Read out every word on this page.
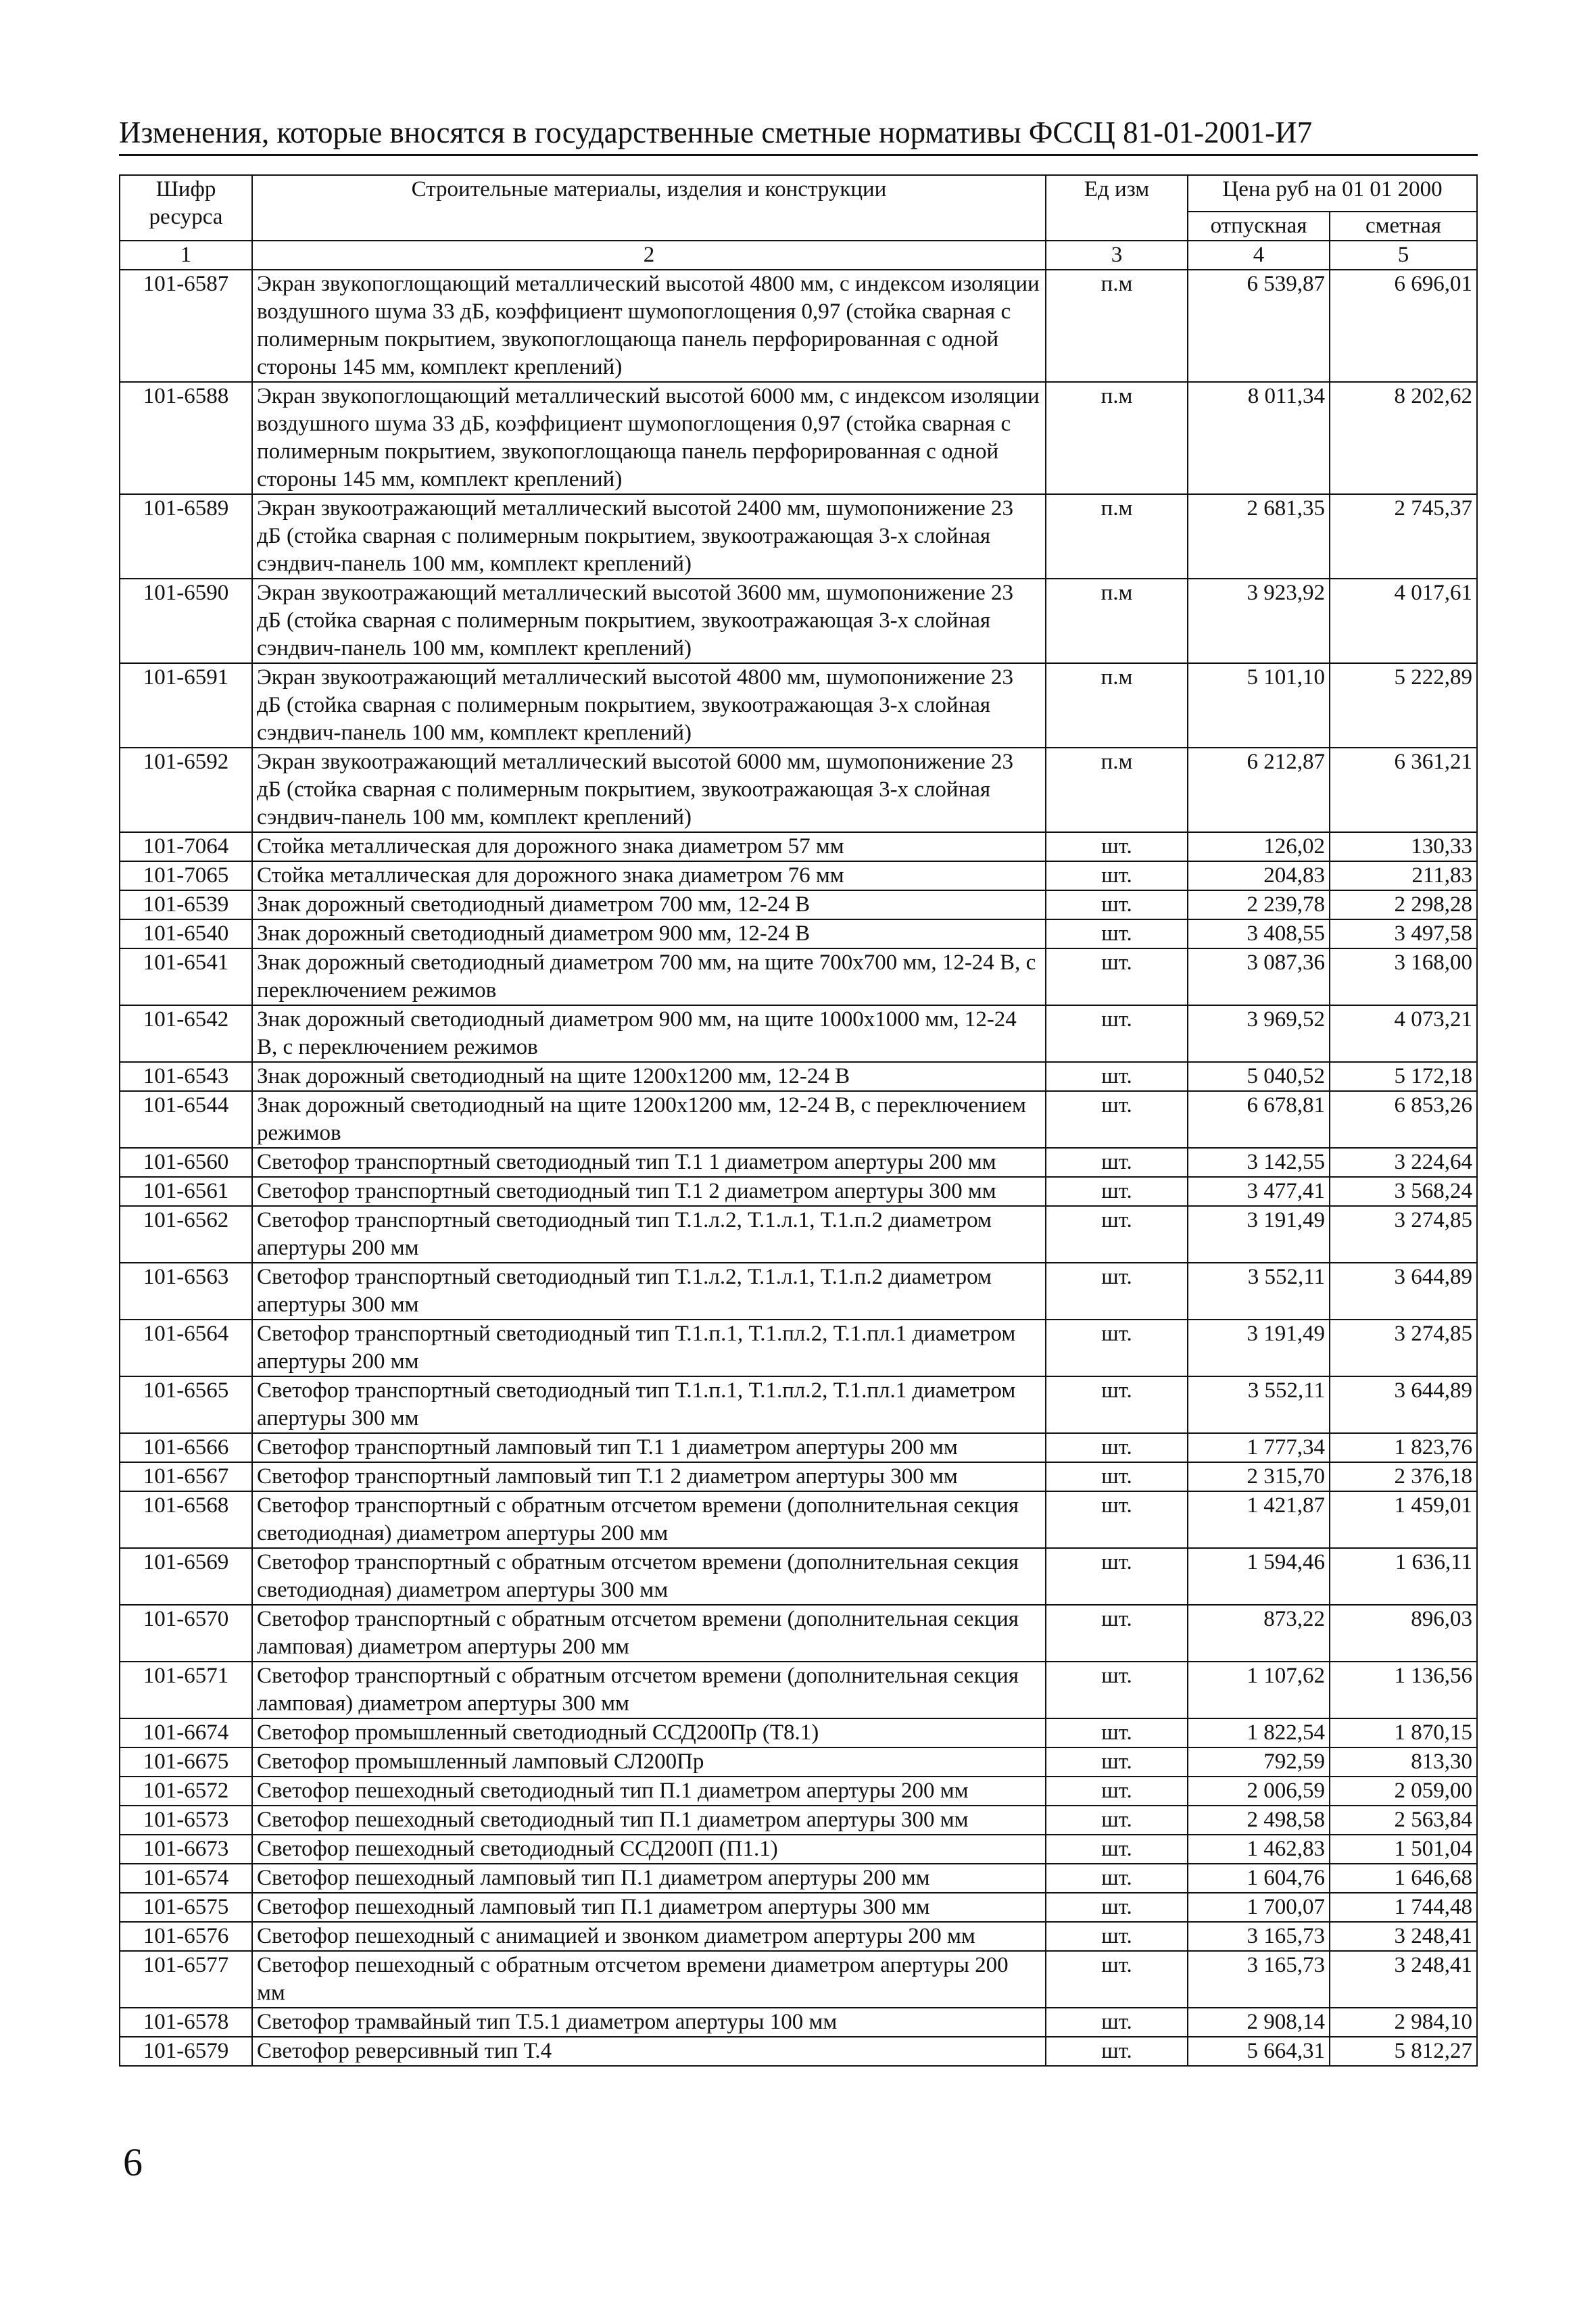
Изменения, которые вносятся в государственные сметные нормативы ФССЦ 81-01-2001-И7
Шифр ресурса	Строительные материалы, изделия и конструкции	Ед изм	Цена руб на 01 01 2000	
			отпускная	сметная
1	2	3	4	5
101-6587	Экран звукопоглощающий металлический высотой 4800 мм, с индексом изоляции воздушного шума 33 дБ, коэффициент шумопоглощения 0,97 (стойка сварная с полимерным покрытием, звукопоглощающа панель перфорированная с одной стороны 145 мм, комплект креплений)	п.м	6 539,87	6 696,01
101-6588	Экран звукопоглощающий металлический высотой 6000 мм, с индексом изоляции воздушного шума 33 дБ, коэффициент шумопоглощения 0,97 (стойка сварная с полимерным покрытием, звукопоглощающа панель перфорированная с одной стороны 145 мм, комплект креплений)	п.м	8 011,34	8 202,62
101-6589	Экран звукоотражающий металлический высотой 2400 мм, шумопонижение 23 дБ (стойка сварная с полимерным покрытием, звукоотражающая 3-х слойная сэндвич-панель 100 мм, комплект креплений)	п.м	2 681,35	2 745,37
101-6590	Экран звукоотражающий металлический высотой 3600 мм, шумопонижение 23 дБ (стойка сварная с полимерным покрытием, звукоотражающая 3-х слойная сэндвич-панель 100 мм, комплект креплений)	п.м	3 923,92	4 017,61
101-6591	Экран звукоотражающий металлический высотой 4800 мм, шумопонижение 23 дБ (стойка сварная с полимерным покрытием, звукоотражающая 3-х слойная сэндвич-панель 100 мм, комплект креплений)	п.м	5 101,10	5 222,89
101-6592	Экран звукоотражающий металлический высотой 6000 мм, шумопонижение 23 дБ (стойка сварная с полимерным покрытием, звукоотражающая 3-х слойная сэндвич-панель 100 мм, комплект креплений)	п.м	6 212,87	6 361,21
101-7064	Стойка металлическая для дорожного знака диаметром 57 мм	шт.	126,02	130,33
101-7065	Стойка металлическая для дорожного знака диаметром 76 мм	шт.	204,83	211,83
101-6539	Знак дорожный светодиодный диаметром 700 мм, 12-24 В	шт.	2 239,78	2 298,28
101-6540	Знак дорожный светодиодный диаметром 900 мм, 12-24 В	шт.	3 408,55	3 497,58
101-6541	Знак дорожный светодиодный диаметром 700 мм, на щите 700x700 мм, 12-24 В, с переключением режимов	шт.	3 087,36	3 168,00
101-6542	Знак дорожный светодиодный диаметром 900 мм, на щите 1000x1000 мм, 12-24 В, с переключением режимов	шт.	3 969,52	4 073,21
101-6543	Знак дорожный светодиодный на щите 1200x1200 мм, 12-24 В	шт.	5 040,52	5 172,18
101-6544	Знак дорожный светодиодный на щите 1200x1200 мм, 12-24 В, с переключением режимов	шт.	6 678,81	6 853,26
101-6560	Светофор транспортный светодиодный тип Т.1 1 диаметром апертуры 200 мм	шт.	3 142,55	3 224,64
101-6561	Светофор транспортный светодиодный тип Т.1 2 диаметром апертуры 300 мм	шт.	3 477,41	3 568,24
101-6562	Светофор транспортный светодиодный тип Т.1.л.2, Т.1.л.1, Т.1.п.2 диаметром апертуры 200 мм	шт.	3 191,49	3 274,85
101-6563	Светофор транспортный светодиодный тип Т.1.л.2, Т.1.л.1, Т.1.п.2 диаметром апертуры 300 мм	шт.	3 552,11	3 644,89
101-6564	Светофор транспортный светодиодный тип Т.1.п.1, Т.1.пл.2, Т.1.пл.1 диаметром апертуры 200 мм	шт.	3 191,49	3 274,85
101-6565	Светофор транспортный светодиодный тип Т.1.п.1, Т.1.пл.2, Т.1.пл.1 диаметром апертуры 300 мм	шт.	3 552,11	3 644,89
101-6566	Светофор транспортный ламповый тип Т.1 1 диаметром апертуры 200 мм	шт.	1 777,34	1 823,76
101-6567	Светофор транспортный ламповый тип Т.1 2 диаметром апертуры 300 мм	шт.	2 315,70	2 376,18
101-6568	Светофор транспортный с обратным отсчетом времени (дополнительная секция светодиодная) диаметром апертуры 200 мм	шт.	1 421,87	1 459,01
101-6569	Светофор транспортный с обратным отсчетом времени (дополнительная секция светодиодная) диаметром апертуры 300 мм	шт.	1 594,46	1 636,11
101-6570	Светофор транспортный с обратным отсчетом времени (дополнительная секция ламповая) диаметром апертуры 200 мм	шт.	873,22	896,03
101-6571	Светофор транспортный с обратным отсчетом времени (дополнительная секция ламповая) диаметром апертуры 300 мм	шт.	1 107,62	1 136,56
101-6674	Светофор промышленный светодиодный ССД200Пр (Т8.1)	шт.	1 822,54	1 870,15
101-6675	Светофор промышленный ламповый СЛ200Пр	шт.	792,59	813,30
101-6572	Светофор пешеходный светодиодный тип П.1 диаметром апертуры 200 мм	шт.	2 006,59	2 059,00
101-6573	Светофор пешеходный светодиодный тип П.1 диаметром апертуры 300 мм	шт.	2 498,58	2 563,84
101-6673	Светофор пешеходный светодиодный ССД200П (П1.1)	шт.	1 462,83	1 501,04
101-6574	Светофор пешеходный ламповый тип П.1 диаметром апертуры 200 мм	шт.	1 604,76	1 646,68
101-6575	Светофор пешеходный ламповый тип П.1 диаметром апертуры 300 мм	шт.	1 700,07	1 744,48
101-6576	Светофор пешеходный с анимацией и звонком диаметром апертуры 200 мм	шт.	3 165,73	3 248,41
101-6577	Светофор пешеходный с обратным отсчетом времени диаметром апертуры 200 мм	шт.	3 165,73	3 248,41
101-6578	Светофор трамвайный тип Т.5.1 диаметром апертуры 100 мм	шт.	2 908,14	2 984,10
101-6579	Светофор реверсивный тип Т.4	шт.	5 664,31	5 812,27
6
